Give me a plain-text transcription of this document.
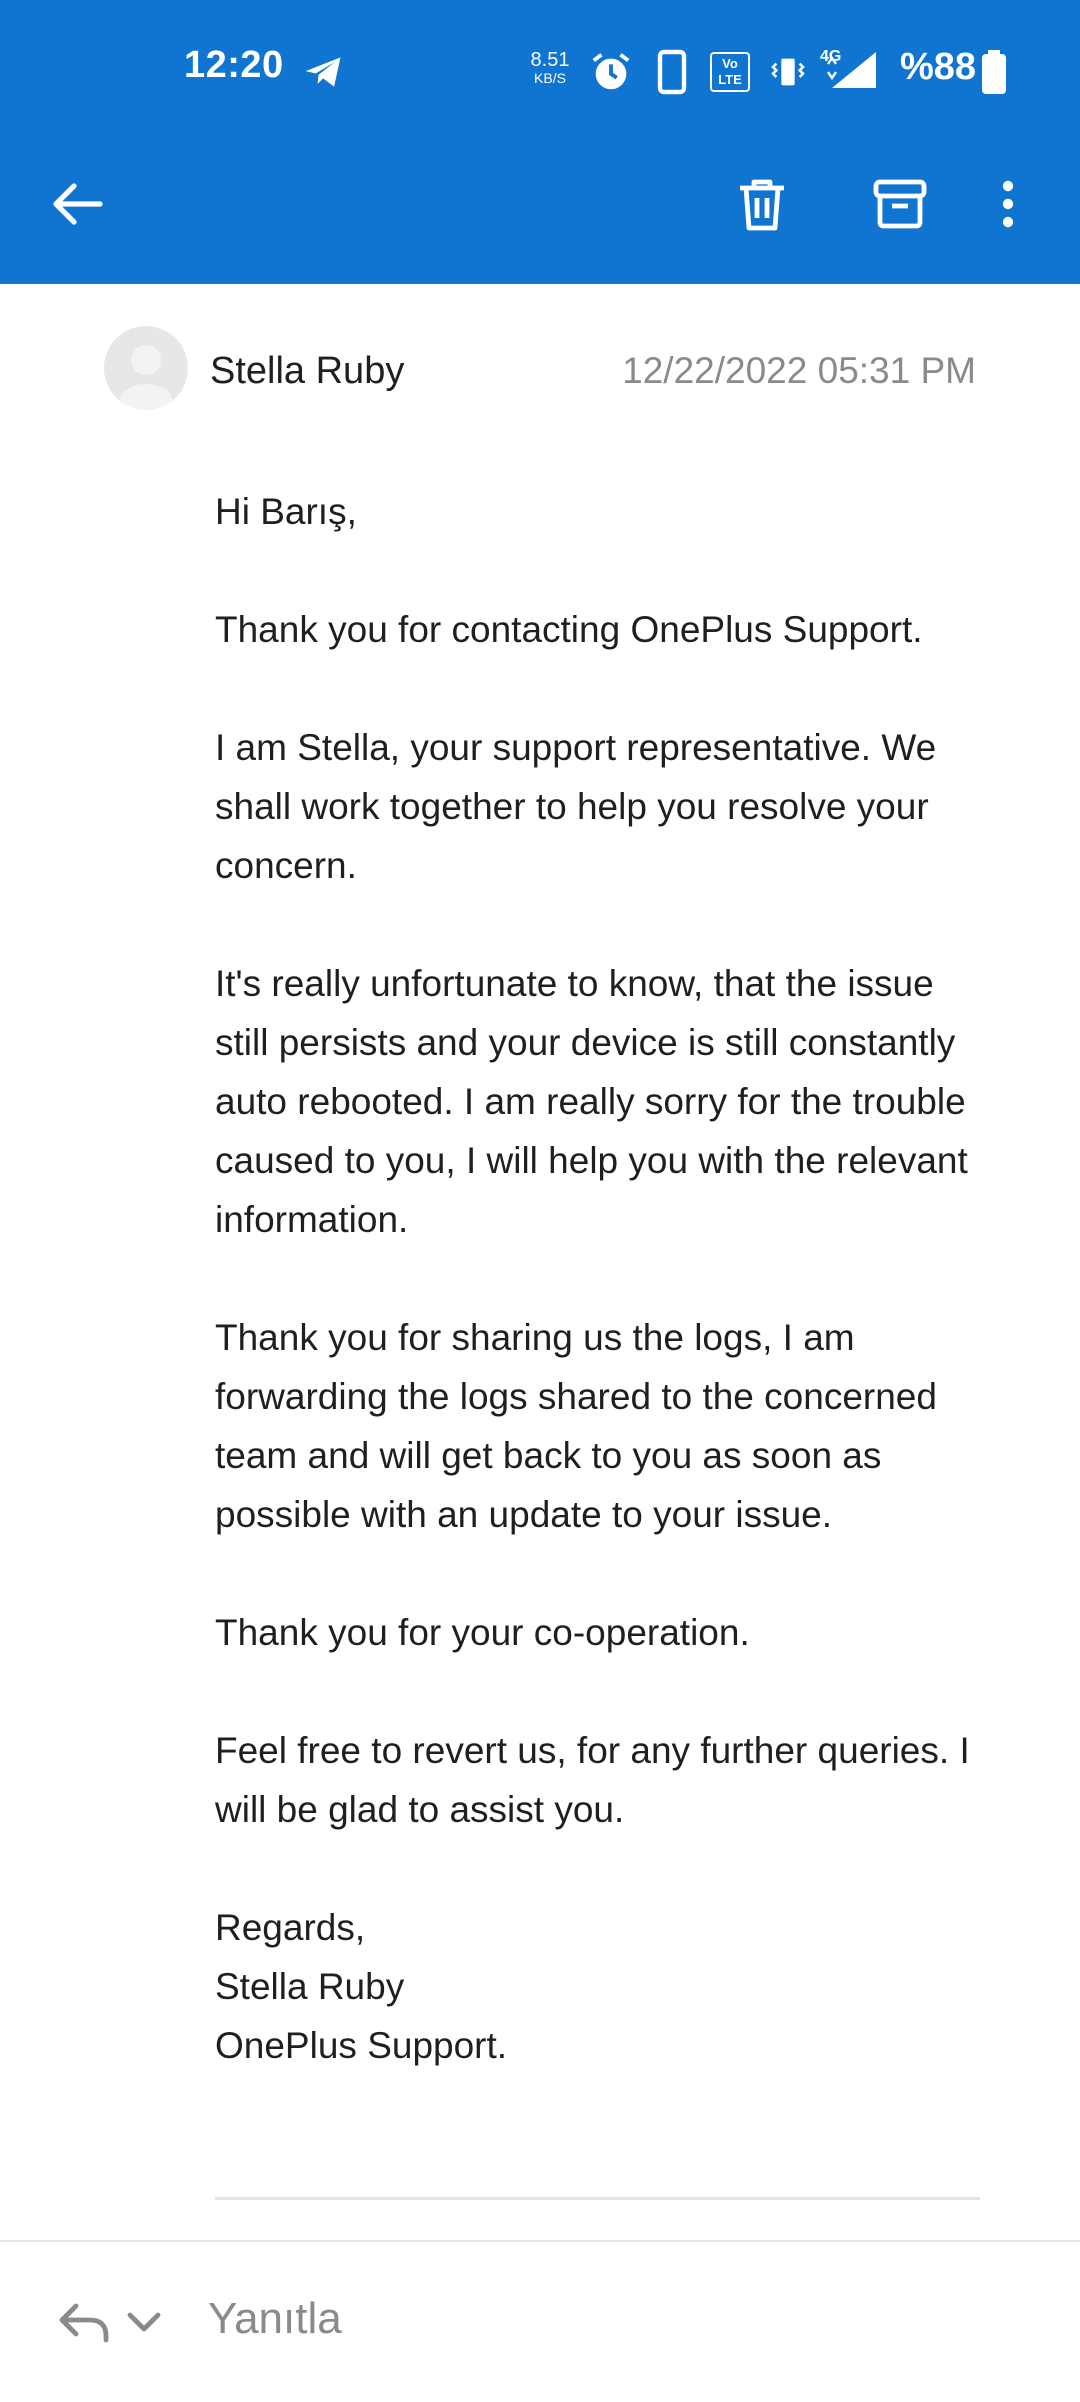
12:20	8.51
KB/S
Vo LTE
4G %88
Stella Ruby	12/22/2022 05:31 PM

Hi Barış,

Thank you for contacting OnePlus Support.

I am Stella, your support representative. We shall work together to help you resolve your concern.

It's really unfortunate to know, that the issue still persists and your device is still constantly auto rebooted. I am really sorry for the trouble caused to you, I will help you with the relevant information.

Thank you for sharing us the logs, I am forwarding the logs shared to the concerned team and will get back to you as soon as possible with an update to your issue.

Thank you for your co-operation.

Feel free to revert us, for any further queries. I will be glad to assist you.

Regards,

Stella Ruby

OnePlus Support.

Yanıtla
